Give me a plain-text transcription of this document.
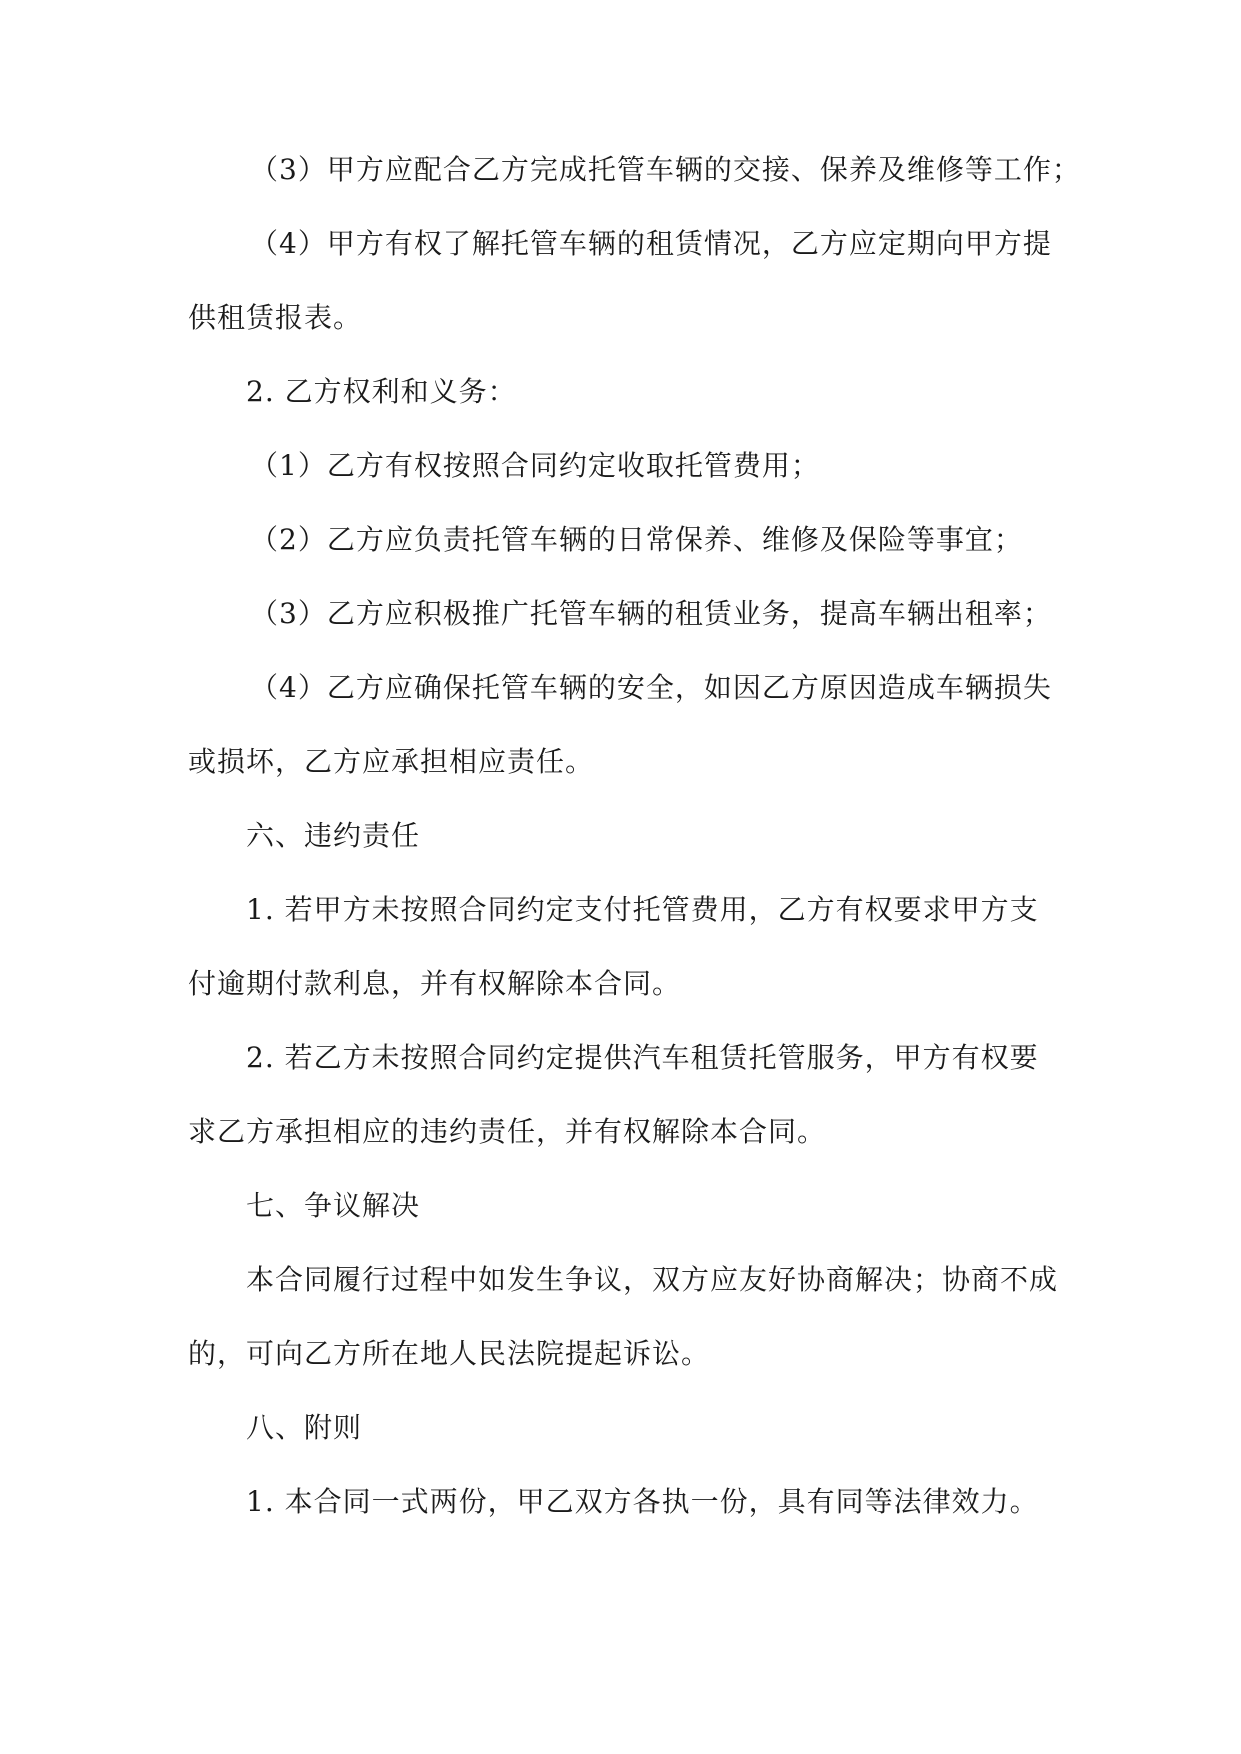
（3）甲方应配合乙方完成托管车辆的交接、保养及维修等工作；
（4）甲方有权了解托管车辆的租赁情况，乙方应定期向甲方提
供租赁报表。
2. 乙方权利和义务：
（1）乙方有权按照合同约定收取托管费用；
（2）乙方应负责托管车辆的日常保养、维修及保险等事宜；
（3）乙方应积极推广托管车辆的租赁业务，提高车辆出租率；
（4）乙方应确保托管车辆的安全，如因乙方原因造成车辆损失
或损坏，乙方应承担相应责任。
六、违约责任
1. 若甲方未按照合同约定支付托管费用，乙方有权要求甲方支
付逾期付款利息，并有权解除本合同。
2. 若乙方未按照合同约定提供汽车租赁托管服务，甲方有权要
求乙方承担相应的违约责任，并有权解除本合同。
七、争议解决
本合同履行过程中如发生争议，双方应友好协商解决；协商不成
的，可向乙方所在地人民法院提起诉讼。
八、附则
1. 本合同一式两份，甲乙双方各执一份，具有同等法律效力。
